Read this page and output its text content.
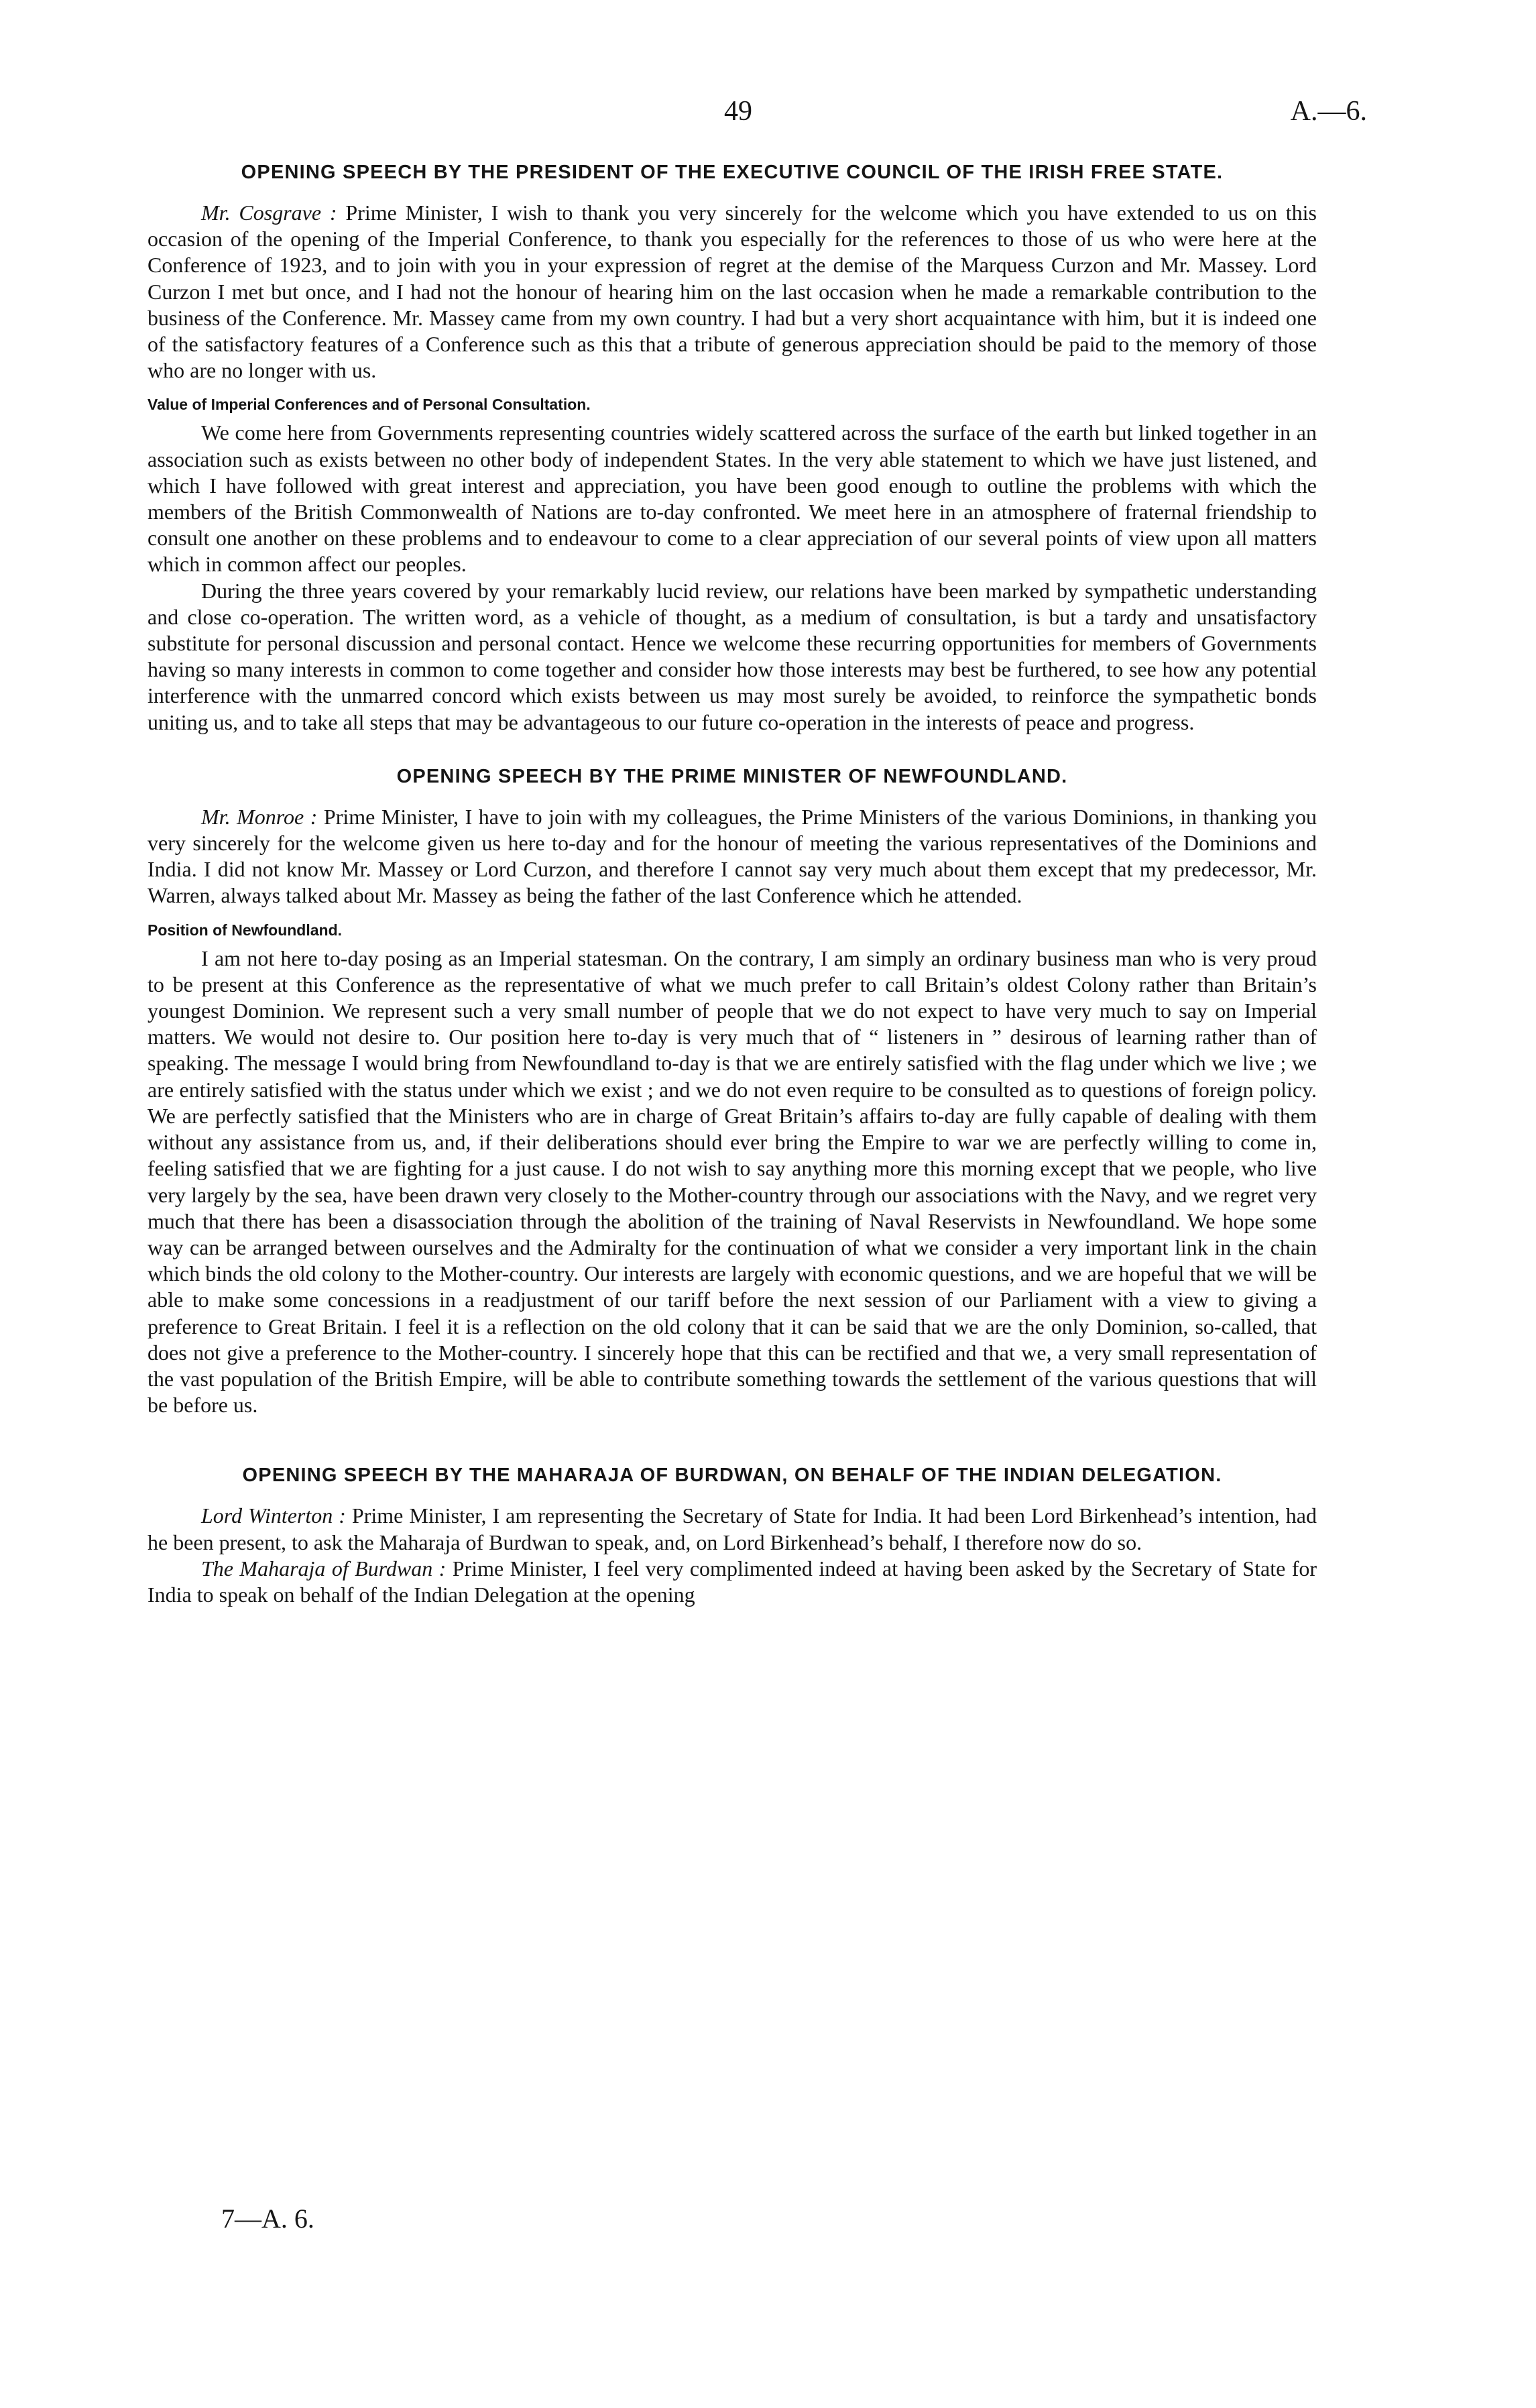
49	A.—6.
OPENING SPEECH BY THE PRESIDENT OF THE EXECUTIVE COUNCIL OF THE IRISH FREE STATE.

Mr. Cosgrave : Prime Minister, I wish to thank you very sincerely for the welcome which you have extended to us on this occasion of the opening of the Imperial Conference, to thank you especially for the references to those of us who were here at the Conference of 1923, and to join with you in your expression of regret at the demise of the Marquess Curzon and Mr. Massey. Lord Curzon I met but once, and I had not the honour of hearing him on the last occasion when he made a remarkable contribution to the business of the Conference. Mr. Massey came from my own country. I had but a very short acquaintance with him, but it is indeed one of the satisfactory features of a Conference such as this that a tribute of generous appreciation should be paid to the memory of those who are no longer with us.

Value of Imperial Conferences and of Personal Consultation.

We come here from Governments representing countries widely scattered across the surface of the earth but linked together in an association such as exists between no other body of independent States. In the very able statement to which we have just listened, and which I have followed with great interest and appreciation, you have been good enough to outline the problems with which the members of the British Commonwealth of Nations are to-day confronted. We meet here in an atmosphere of fraternal friendship to consult one another on these problems and to endeavour to come to a clear appreciation of our several points of view upon all matters which in common affect our peoples.

During the three years covered by your remarkably lucid review, our relations have been marked by sympathetic understanding and close co-operation. The written word, as a vehicle of thought, as a medium of consultation, is but a tardy and unsatisfactory substitute for personal discussion and personal contact. Hence we welcome these recurring opportunities for members of Governments having so many interests in common to come together and consider how those interests may best be furthered, to see how any potential interference with the unmarred concord which exists between us may most surely be avoided, to reinforce the sympathetic bonds uniting us, and to take all steps that may be advantageous to our future co-operation in the interests of peace and progress.

OPENING SPEECH BY THE PRIME MINISTER OF NEWFOUNDLAND.

Mr. Monroe : Prime Minister, I have to join with my colleagues, the Prime Ministers of the various Dominions, in thanking you very sincerely for the welcome given us here to-day and for the honour of meeting the various representatives of the Dominions and India. I did not know Mr. Massey or Lord Curzon, and therefore I cannot say very much about them except that my predecessor, Mr. Warren, always talked about Mr. Massey as being the father of the last Conference which he attended.

Position of Newfoundland.

I am not here to-day posing as an Imperial statesman. On the contrary, I am simply an ordinary business man who is very proud to be present at this Conference as the representative of what we much prefer to call Britain’s oldest Colony rather than Britain’s youngest Dominion. We represent such a very small number of people that we do not expect to have very much to say on Imperial matters. We would not desire to. Our position here to-day is very much that of “ listeners in ” desirous of learning rather than of speaking. The message I would bring from Newfoundland to-day is that we are entirely satisfied with the flag under which we live ; we are entirely satisfied with the status under which we exist ; and we do not even require to be consulted as to questions of foreign policy. We are perfectly satisfied that the Ministers who are in charge of Great Britain’s affairs to-day are fully capable of dealing with them without any assistance from us, and, if their deliberations should ever bring the Empire to war we are perfectly willing to come in, feeling satisfied that we are fighting for a just cause. I do not wish to say anything more this morning except that we people, who live very largely by the sea, have been drawn very closely to the Mother-country through our associations with the Navy, and we regret very much that there has been a disassociation through the abolition of the training of Naval Reservists in Newfoundland. We hope some way can be arranged between ourselves and the Admiralty for the continuation of what we consider a very important link in the chain which binds the old colony to the Mother-country. Our interests are largely with economic questions, and we are hopeful that we will be able to make some concessions in a readjustment of our tariff before the next session of our Parliament with a view to giving a preference to Great Britain. I feel it is a reflection on the old colony that it can be said that we are the only Dominion, so-called, that does not give a preference to the Mother-country. I sincerely hope that this can be rectified and that we, a very small representation of the vast population of the British Empire, will be able to contribute something towards the settlement of the various questions that will be before us.

OPENING SPEECH BY THE MAHARAJA OF BURDWAN, ON BEHALF OF THE INDIAN DELEGATION.

Lord Winterton : Prime Minister, I am representing the Secretary of State for India. It had been Lord Birkenhead’s intention, had he been present, to ask the Maharaja of Burdwan to speak, and, on Lord Birkenhead’s behalf, I therefore now do so.

The Maharaja of Burdwan : Prime Minister, I feel very complimented indeed at having been asked by the Secretary of State for India to speak on behalf of the Indian Delegation at the opening

7—A. 6.
